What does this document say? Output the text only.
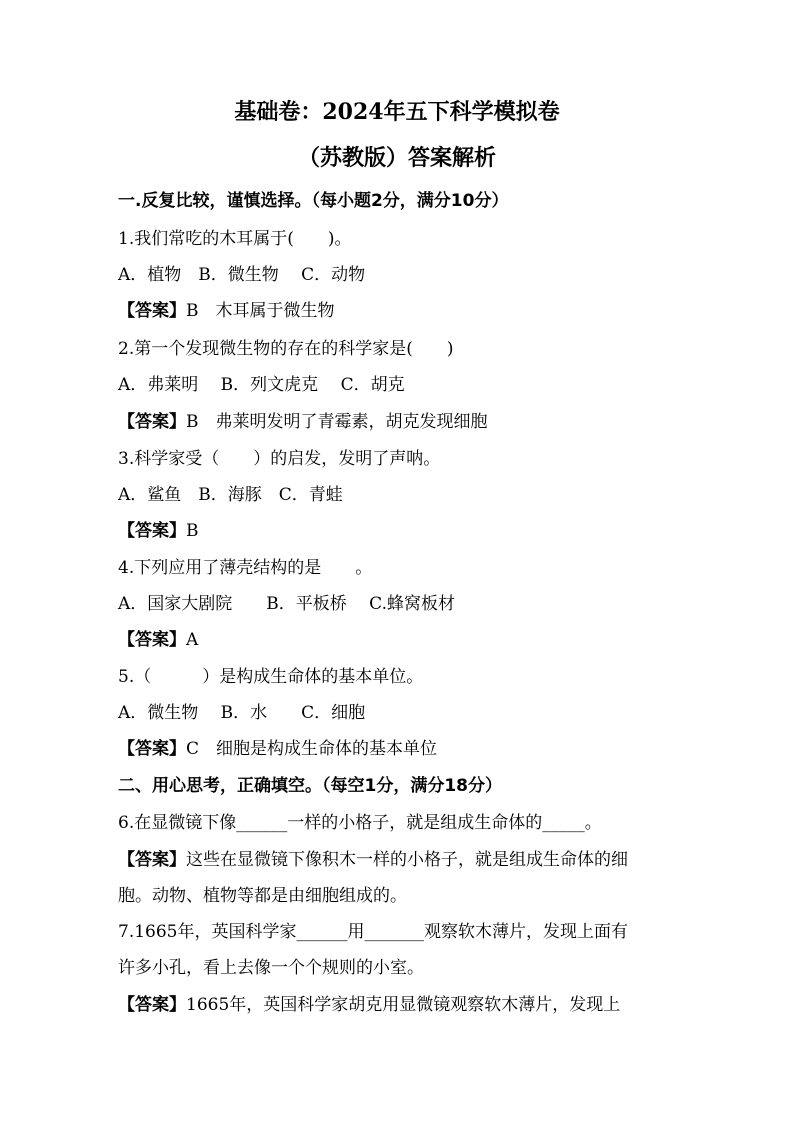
基础卷：2024年五下科学模拟卷
（苏教版）答案解析
一.反复比较，谨慎选择。（每小题2分，满分10分）
1.我们常吃的木耳属于(　　)。
A．植物　B．微生物　 C．动物
【答案】B　木耳属于微生物
2.第一个发现微生物的存在的科学家是(　　)
A．弗莱明　 B．列文虎克　 C．胡克
【答案】B　弗莱明发明了青霉素，胡克发现细胞
3.科学家受（　　）的启发，发明了声呐。
A．鲨鱼　B．海豚　C．青蛙
【答案】B
4.下列应用了薄壳结构的是　　。
A．国家大剧院　　B．平板桥　 C.蜂窝板材
【答案】A
5.（　　　）是构成生命体的基本单位。
A．微生物　 B．水　　C．细胞
【答案】C　细胞是构成生命体的基本单位
二、用心思考，正确填空。（每空1分，满分18分）
6.在显微镜下像______一样的小格子，就是组成生命体的_____。
【答案】这些在显微镜下像积木一样的小格子，就是组成生命体的细
胞。动物、植物等都是由细胞组成的。
7.1665年，英国科学家______用_______观察软木薄片，发现上面有
许多小孔，看上去像一个个规则的小室。
【答案】1665年，英国科学家胡克用显微镜观察软木薄片，发现上
